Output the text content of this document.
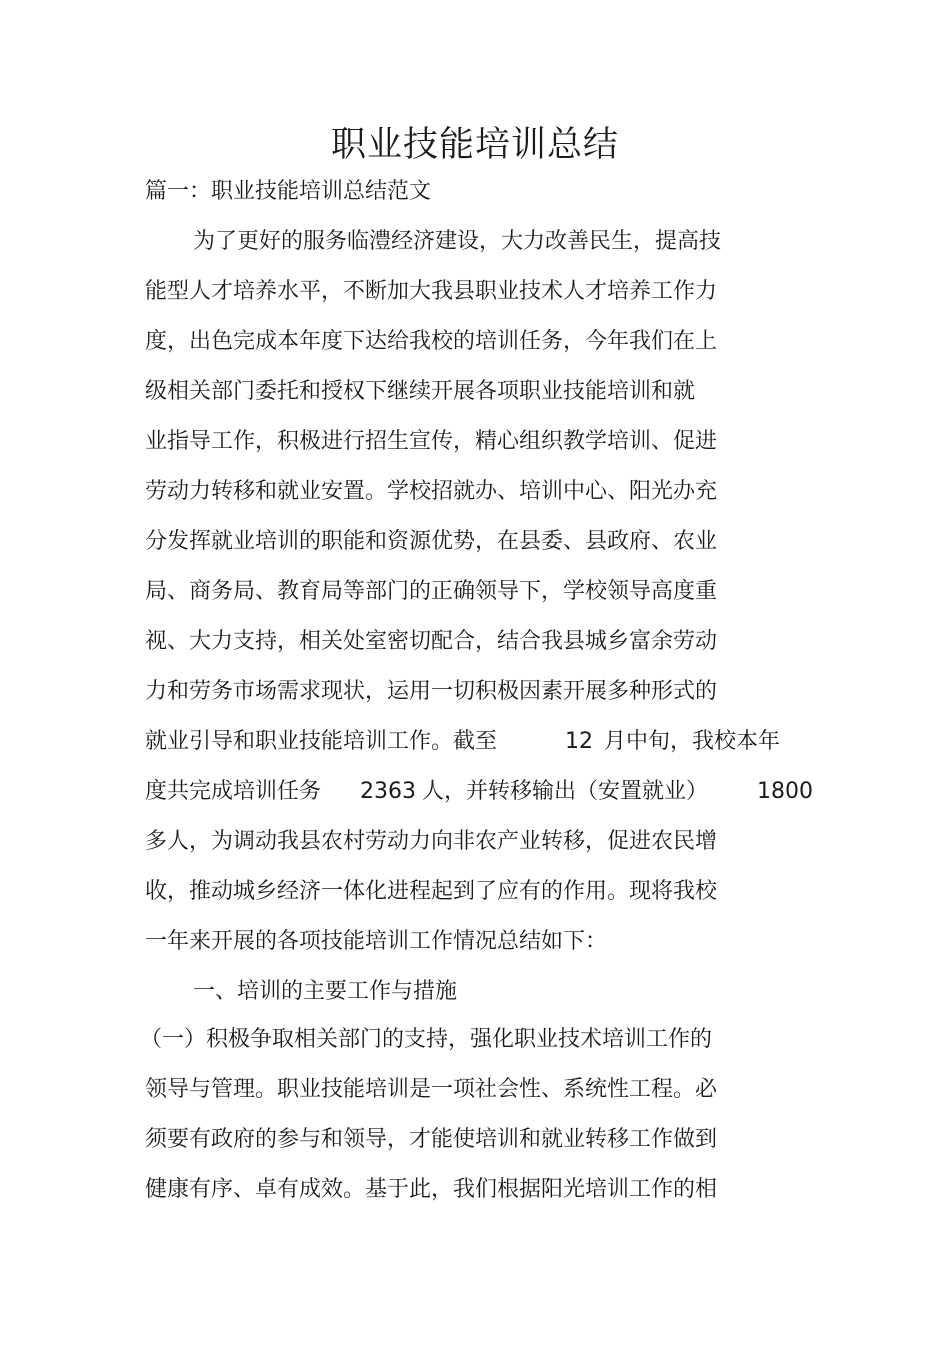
职业技能培训总结
篇一：职业技能培训总结范文
为了更好的服务临澧经济建设，大力改善民生，提高技
能型人才培养水平，不断加大我县职业技术人才培养工作力
度，出色完成本年度下达给我校的培训任务，今年我们在上
级相关部门委托和授权下继续开展各项职业技能培训和就
业指导工作，积极进行招生宣传，精心组织教学培训、促进
劳动力转移和就业安置。学校招就办、培训中心、阳光办充
分发挥就业培训的职能和资源优势，在县委、县政府、农业
局、商务局、教育局等部门的正确领导下，学校领导高度重
视、大力支持，相关处室密切配合，结合我县城乡富余劳动
力和劳务市场需求现状，运用一切积极因素开展多种形式的
就业引导和职业技能培训工作。截至	12 月中旬，我校本年
度共完成培训任务 2363 人，并转移输出（安置就业） 1800
多人，为调动我县农村劳动力向非农产业转移，促进农民增
收，推动城乡经济一体化进程起到了应有的作用。现将我校
一年来开展的各项技能培训工作情况总结如下：
一、培训的主要工作与措施
（一）积极争取相关部门的支持，强化职业技术培训工作的
领导与管理。职业技能培训是一项社会性、系统性工程。必
须要有政府的参与和领导，才能使培训和就业转移工作做到
健康有序、卓有成效。基于此，我们根据阳光培训工作的相
